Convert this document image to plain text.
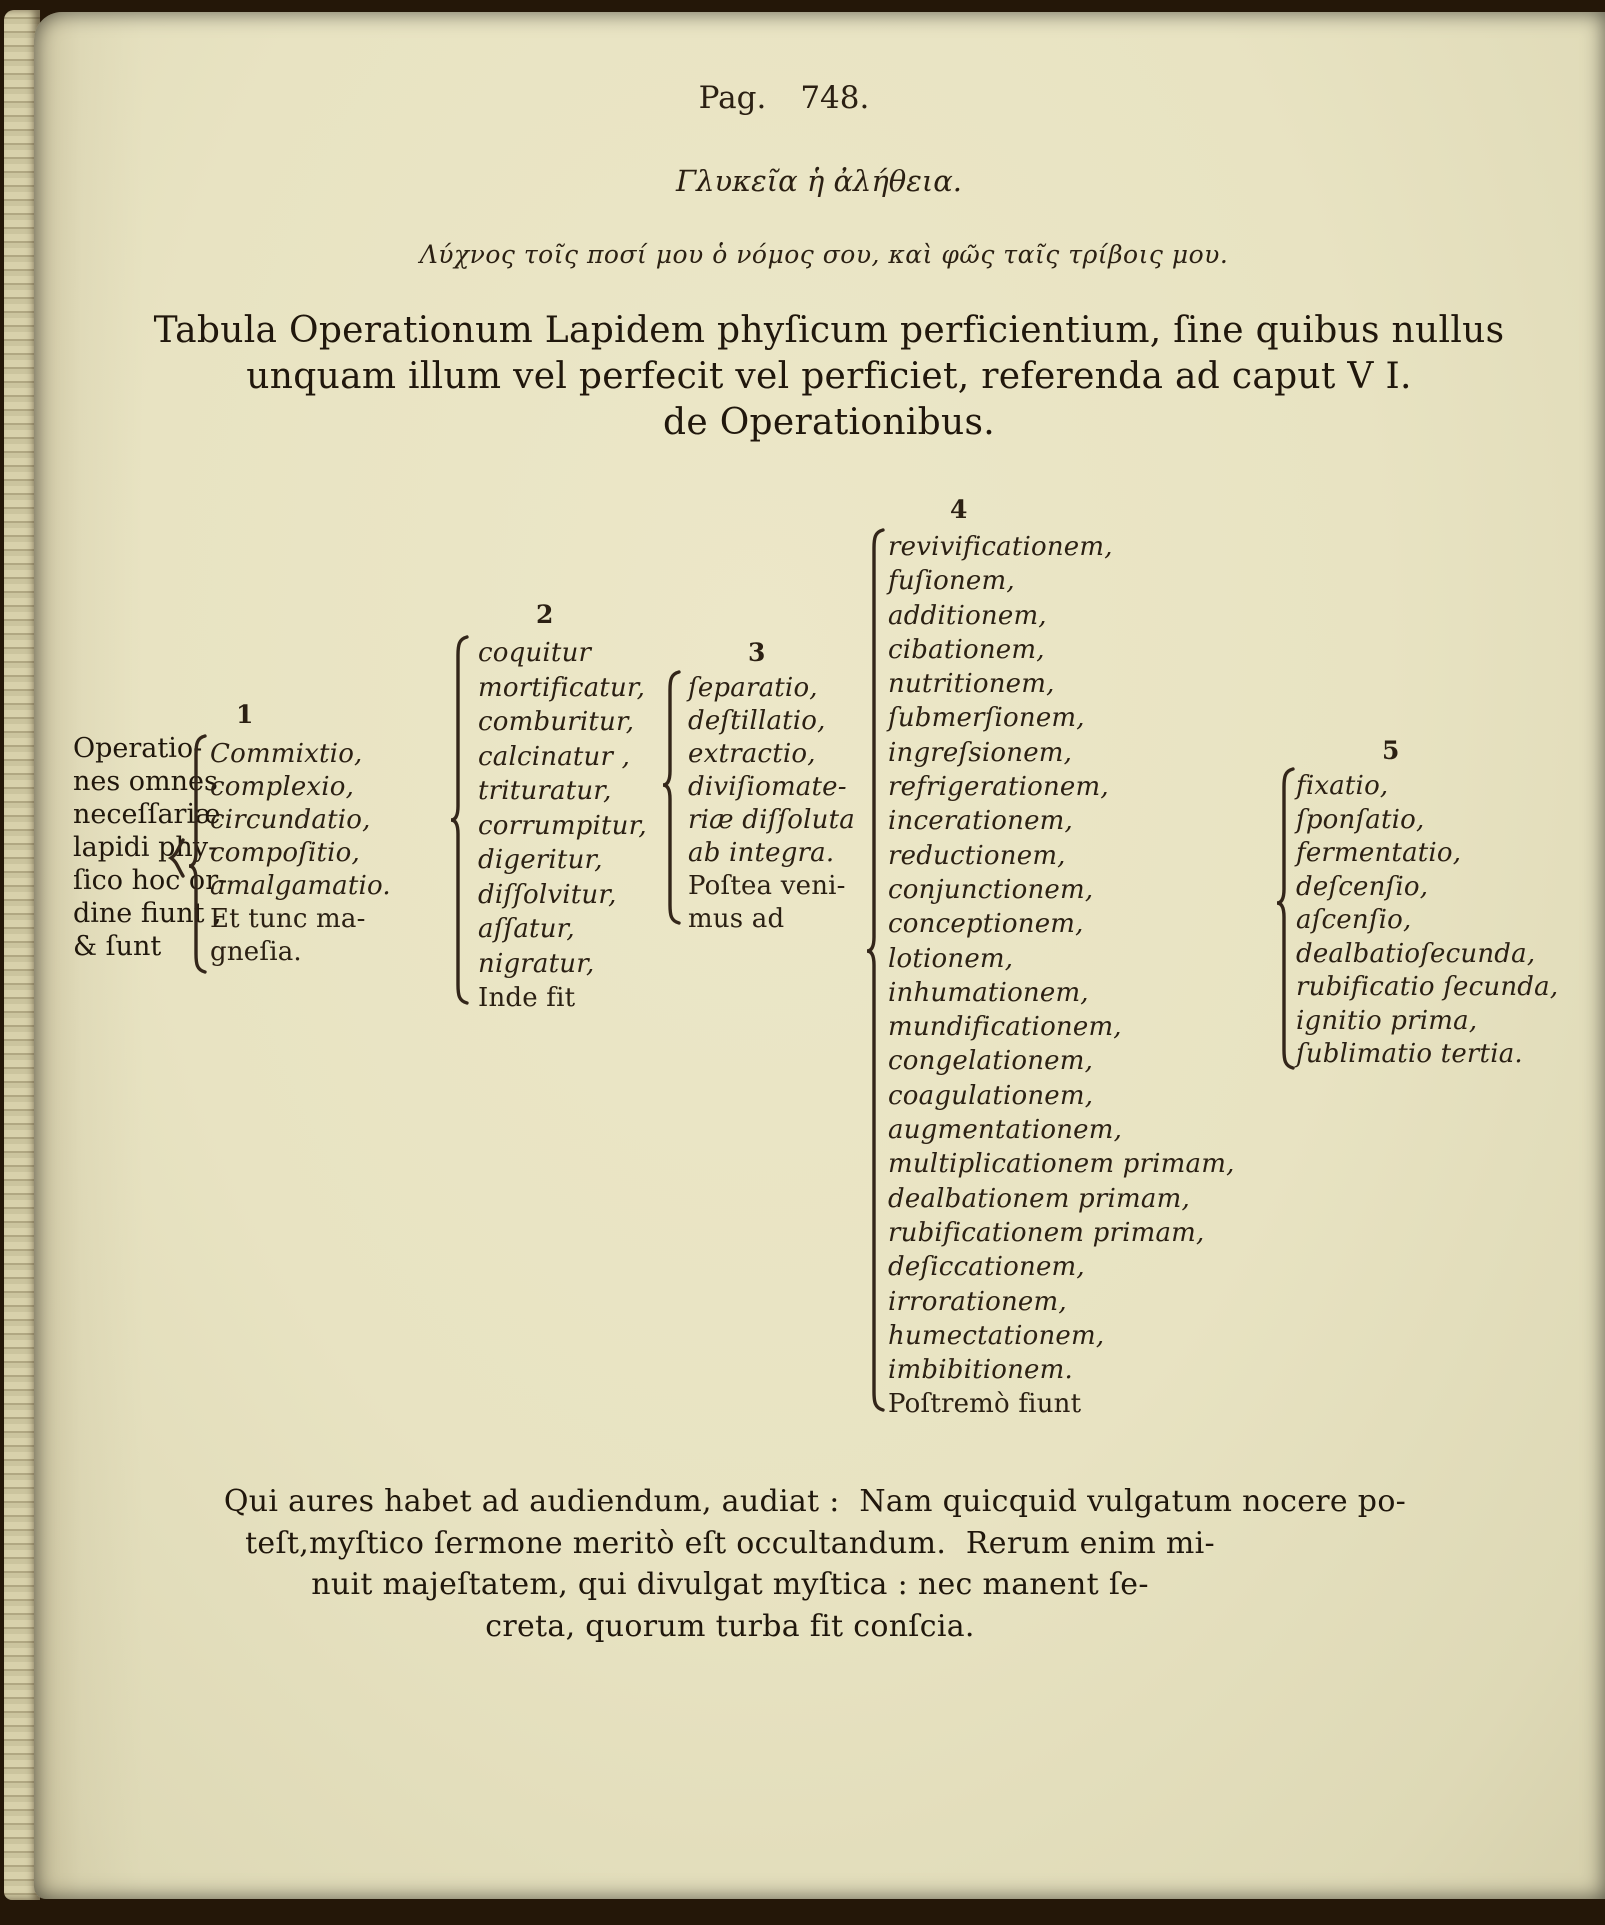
Pag. 748.
Γλυκεῖα ἡ ἀλήθεια.
Λύχνος τοῖς ποσί μου ὁ νόμος σου, καὶ φῶς ταῖς τρίβοις μου.
Tabula Operationum Lapidem phyſicum perficientium, ſine quibus nullus
unquam illum vel perfecit vel perficiet, referenda ad caput V I.
de Operationibus.
Operatio-
nes omnes
neceſſariæ
lapidi phy-
ſico hoc or-
dine fiunt ,
& ſunt
1
Commixtio,
complexio,
circundatio,
compoſitio,
amalgamatio.
Et tunc ma-
gneſia.
2
coquitur
mortificatur,
comburitur,
calcinatur ,
trituratur,
corrumpitur,
digeritur,
diſſolvitur,
aſſatur,
nigratur,
Inde fit
3
ſeparatio,
deſtillatio,
extractio,
diviſiomate-
riæ diſſoluta
ab integra.
Poſtea veni-
mus ad
4
revivificationem,
fuſionem,
additionem,
cibationem,
nutritionem,
ſubmerſionem,
ingreſsionem,
refrigerationem,
incerationem,
reductionem,
conjunctionem,
conceptionem,
lotionem,
inhumationem,
mundificationem,
congelationem,
coagulationem,
augmentationem,
multiplicationem primam,
dealbationem primam,
rubificationem primam,
deſiccationem,
irrorationem,
humectationem,
imbibitionem.
Poſtremò fiunt
5
fixatio,
ſponſatio,
fermentatio,
deſcenſio,
aſcenſio,
dealbatioſecunda,
rubificatio ſecunda,
ignitio prima,
ſublimatio tertia.
Qui aures habet ad audiendum, audiat :  Nam quicquid vulgatum nocere po-
teſt,myſtico ſermone meritò eſt occultandum.  Rerum enim mi-
nuit majeſtatem, qui divulgat myſtica : nec manent ſe-
creta, quorum turba fit conſcia.
